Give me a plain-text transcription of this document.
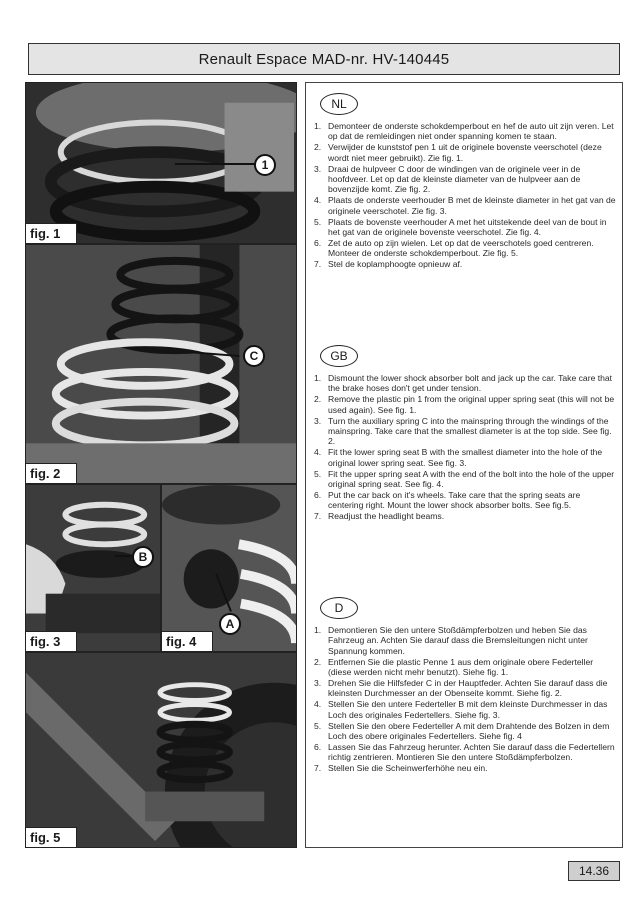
Renault Espace MAD-nr. HV-140445
1
fig. 1
C
fig. 2
B
fig. 3
A
fig. 4
fig. 5
NL
1. Demonteer de onderste schokdemperbout en hef de auto uit zijn veren. Let op dat de remleidingen niet onder spanning komen te staan.
2. Verwijder de kunststof pen 1 uit de originele bovenste veerschotel (deze wordt niet meer gebruikt). Zie fig. 1.
3. Draai de hulpveer C door de windingen van de originele veer in de hoofdveer. Let op dat de kleinste diameter van de hulpveer aan de bovenzijde komt. Zie fig. 2.
4. Plaats de onderste veerhouder B met de kleinste diameter in het gat van de originele veerschotel. Zie fig. 3.
5. Plaats de bovenste veerhouder A met het uitstekende deel van de bout in het gat van de originele bovenste veerschotel. Zie fig. 4.
6. Zet de auto op zijn wielen. Let op dat de veerschotels goed centreren. Monteer de onderste schokdemperbout. Zie fig. 5.
7. Stel de koplamphoogte opnieuw af.
GB
1. Dismount the lower shock absorber bolt and jack up the car. Take care that the brake hoses don't get under tension.
2. Remove the plastic pin 1 from the original upper spring seat (this will not be used again). See fig. 1.
3. Turn the auxiliary spring C into the mainspring through the windings of the mainspring. Take care that the smallest diameter is at the top side. See fig. 2.
4. Fit the lower spring seat B with the smallest diameter into the hole of the original lower spring seat. See fig. 3.
5. Fit the upper spring seat A with the end of the bolt into the hole of the upper original spring seat. See fig. 4.
6. Put the car back on it's wheels. Take care that the spring seats are centering right. Mount the lower shock absorber bolts. See fig.5.
7. Readjust the headlight beams.
D
1. Demontieren Sie den untere Stoßdämpferbolzen und heben Sie das Fahrzeug an. Achten Sie darauf dass die Bremsleitungen nicht unter Spannung kommen.
2. Entfernen Sie die plastic Penne 1 aus dem originale obere Federteller (diese werden nicht mehr benutzt). Siehe fig. 1.
3. Drehen Sie die Hilfsfeder C in der Hauptfeder. Achten Sie darauf dass die kleinsten Durchmesser an der Obenseite kommt. Siehe fig. 2.
4. Stellen Sie den untere Federteller B mit dem kleinste Durchmesser in das Loch des originales Federtellers. Siehe fig. 3.
5. Stellen Sie den obere Federteller A mit dem Drahtende des Bolzen in dem Loch des obere originales Federtellers. Siehe fig. 4
6. Lassen Sie das Fahrzeug herunter. Achten Sie darauf dass die Federtellern richtig zentrieren. Montieren Sie den untere Stoßdämpferbolzen.
7. Stellen Sie die Scheinwerferhöhe neu ein.
14.36
